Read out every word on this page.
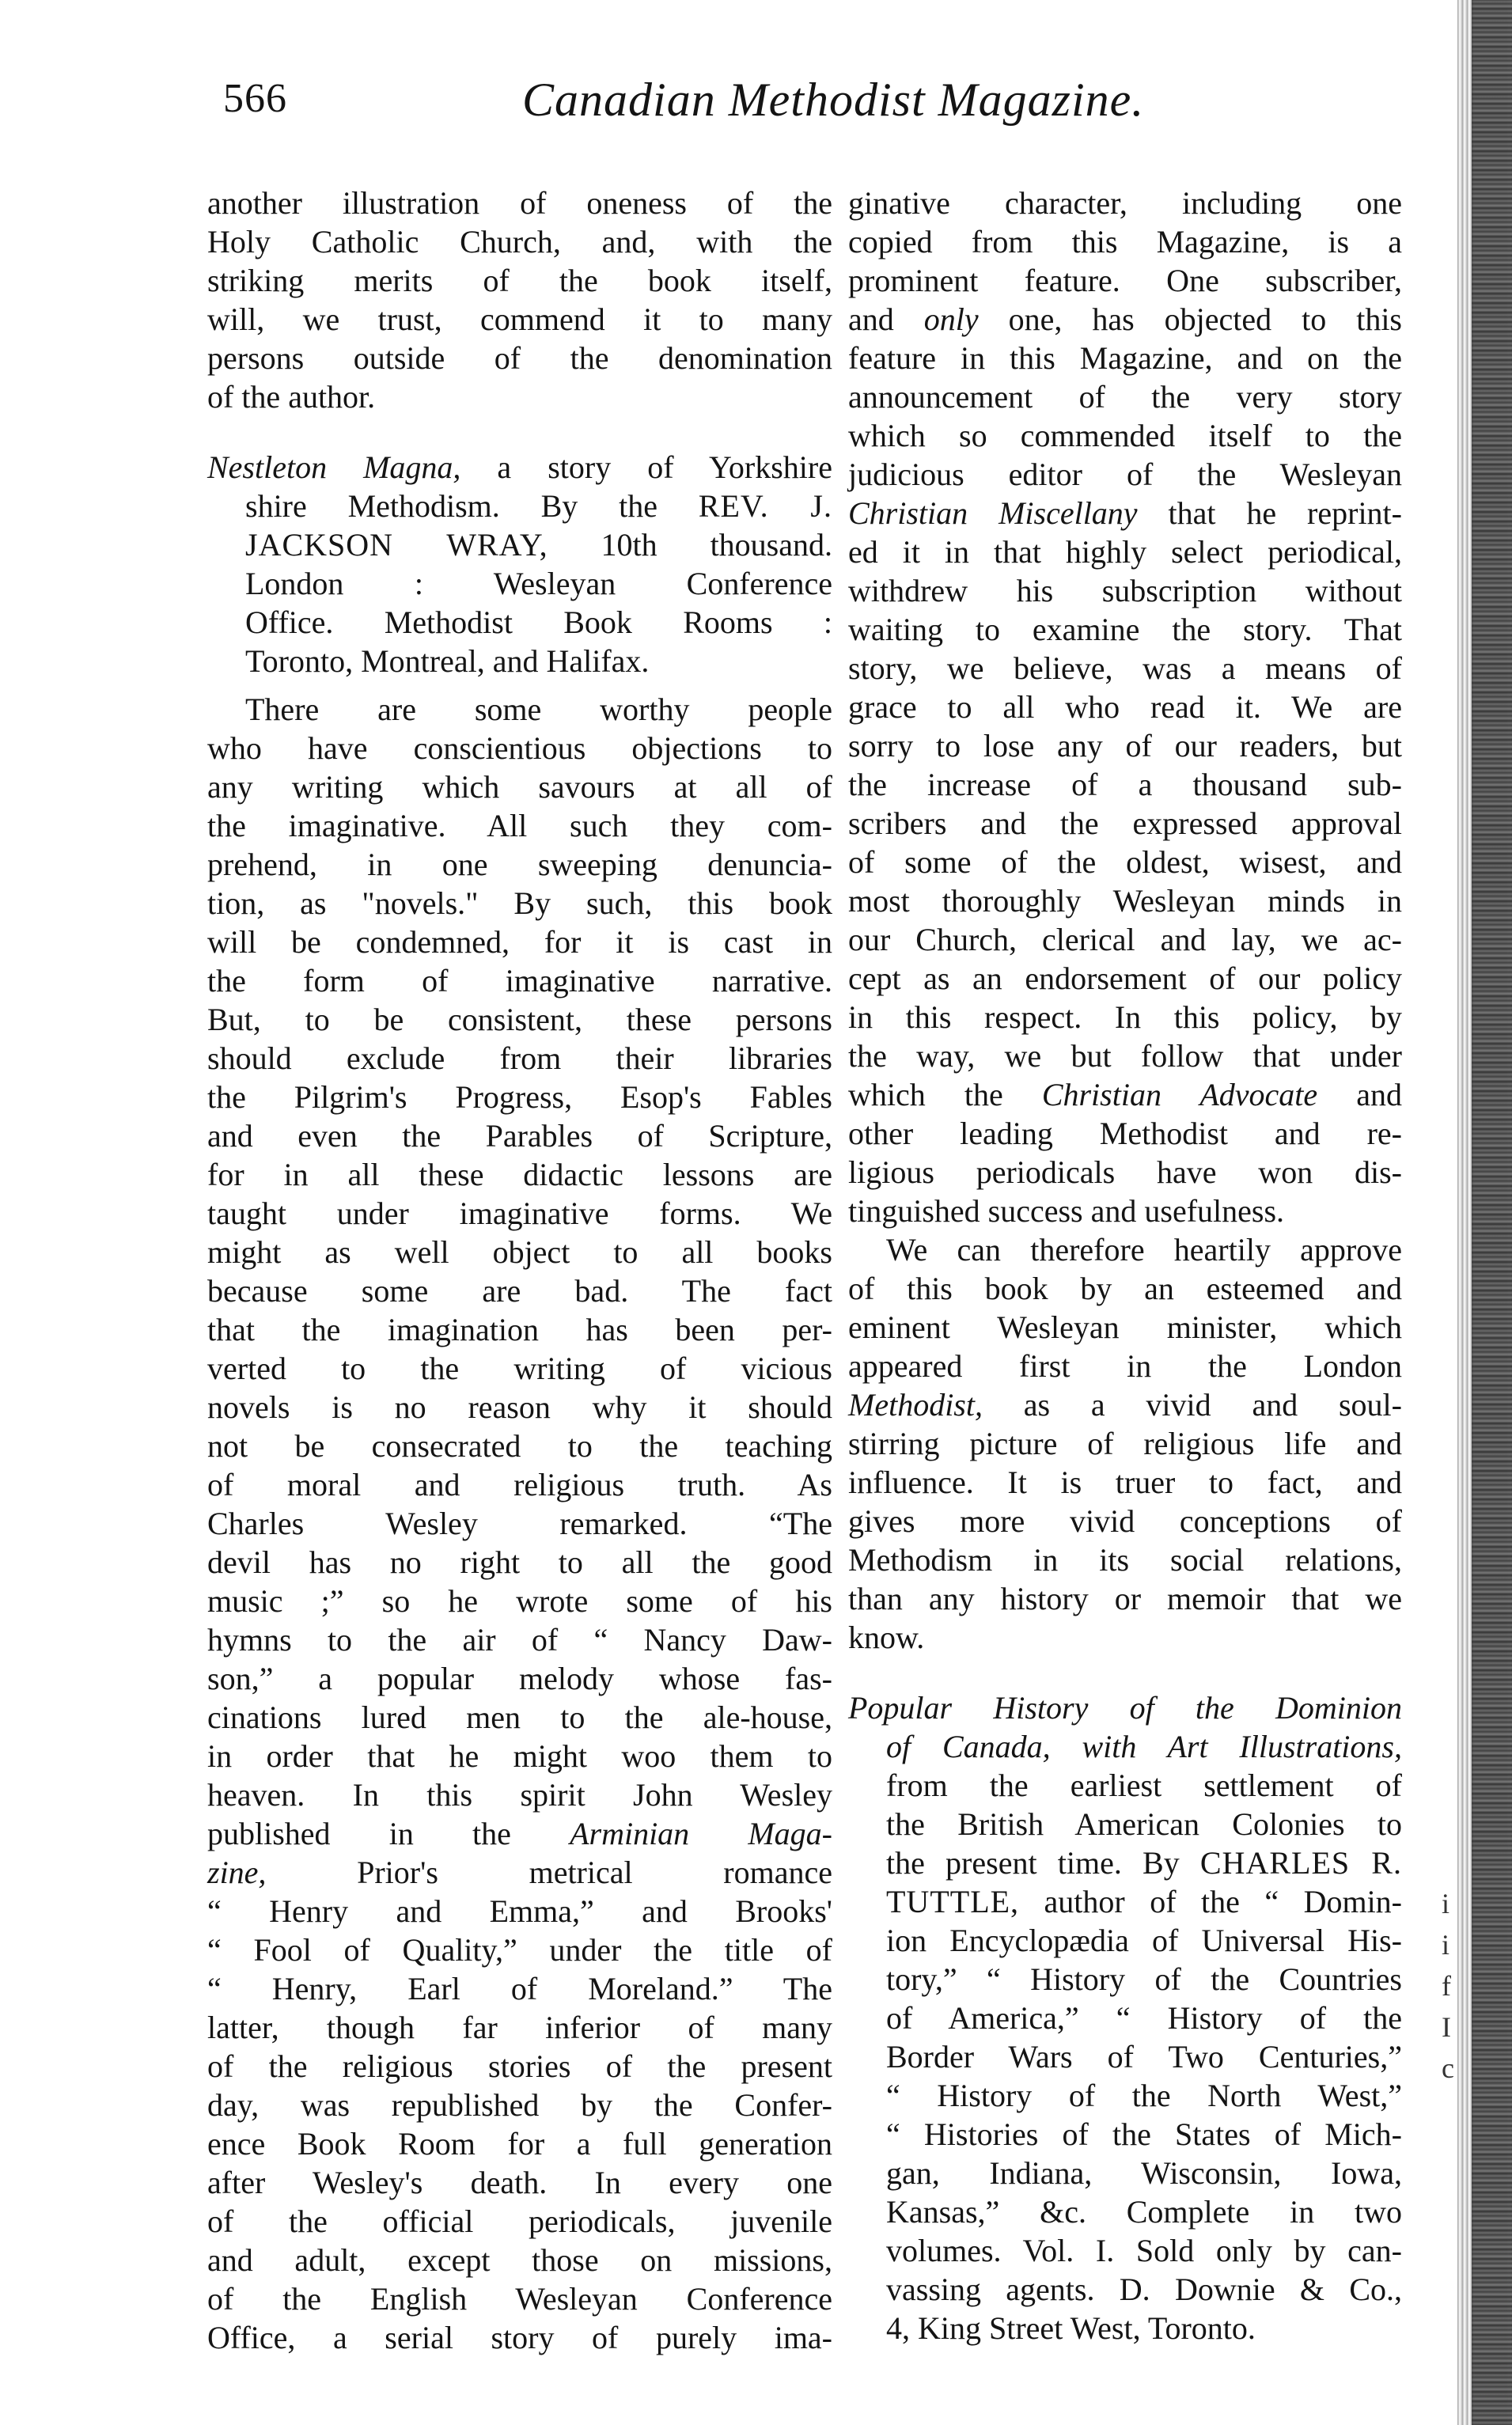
566	Canadian Methodist Magazine.
another illustration of oneness of the
Holy Catholic Church, and, with the
striking merits of the book itself,
will, we trust, commend it to many
persons outside of the denomination
of the author.
Nestleton Magna, a story of Yorkshire
shire Methodism. By the REV. J.
JACKSON WRAY, 10th thousand.
London : Wesleyan Conference
Office. Methodist Book Rooms :
Toronto, Montreal, and Halifax.
There are some worthy people
who have conscientious objections to
any writing which savours at all of
the imaginative. All such they com-
prehend, in one sweeping denuncia-
tion, as "novels." By such, this book
will be condemned, for it is cast in
the form of imaginative narrative.
But, to be consistent, these persons
should exclude from their libraries
the Pilgrim's Progress, Esop's Fables
and even the Parables of Scripture,
for in all these didactic lessons are
taught under imaginative forms. We
might as well object to all books
because some are bad. The fact
that the imagination has been per-
verted to the writing of vicious
novels is no reason why it should
not be consecrated to the teaching
of moral and religious truth. As
Charles Wesley remarked. “The
devil has no right to all the good
music ;” so he wrote some of his
hymns to the air of “ Nancy Daw-
son,” a popular melody whose fas-
cinations lured men to the ale-house,
in order that he might woo them to
heaven. In this spirit John Wesley
published in the Arminian Maga-
zine, Prior's metrical romance
“ Henry and Emma,” and Brooks'
“ Fool of Quality,” under the title of
“ Henry, Earl of Moreland.” The
latter, though far inferior of many
of the religious stories of the present
day, was republished by the Confer-
ence Book Room for a full generation
after Wesley's death. In every one
of the official periodicals, juvenile
and adult, except those on missions,
of the English Wesleyan Conference
Office, a serial story of purely ima-
ginative character, including one
copied from this Magazine, is a
prominent feature. One subscriber,
and only one, has objected to this
feature in this Magazine, and on the
announcement of the very story
which so commended itself to the
judicious editor of the Wesleyan
Christian Miscellany that he reprint-
ed it in that highly select periodical,
withdrew his subscription without
waiting to examine the story. That
story, we believe, was a means of
grace to all who read it. We are
sorry to lose any of our readers, but
the increase of a thousand sub-
scribers and the expressed approval
of some of the oldest, wisest, and
most thoroughly Wesleyan minds in
our Church, clerical and lay, we ac-
cept as an endorsement of our policy
in this respect. In this policy, by
the way, we but follow that under
which the Christian Advocate and
other leading Methodist and re-
ligious periodicals have won dis-
tinguished success and usefulness.
We can therefore heartily approve
of this book by an esteemed and
eminent Wesleyan minister, which
appeared first in the London
Methodist, as a vivid and soul-
stirring picture of religious life and
influence. It is truer to fact, and
gives more vivid conceptions of
Methodism in its social relations,
than any history or memoir that we
know.
Popular History of the Dominion
of Canada, with Art Illustrations,
from the earliest settlement of
the British American Colonies to
the present time. By CHARLES R.
TUTTLE, author of the “ Domin-
ion Encyclopædia of Universal His-
tory,” “ History of the Countries
of America,” “ History of the
Border Wars of Two Centuries,”
“ History of the North West,”
“ Histories of the States of Mich-
gan, Indiana, Wisconsin, Iowa,
Kansas,” &c. Complete in two
volumes. Vol. I. Sold only by can-
vassing agents. D. Downie & Co.,
4, King Street West, Toronto.
i
i
f
I
c
